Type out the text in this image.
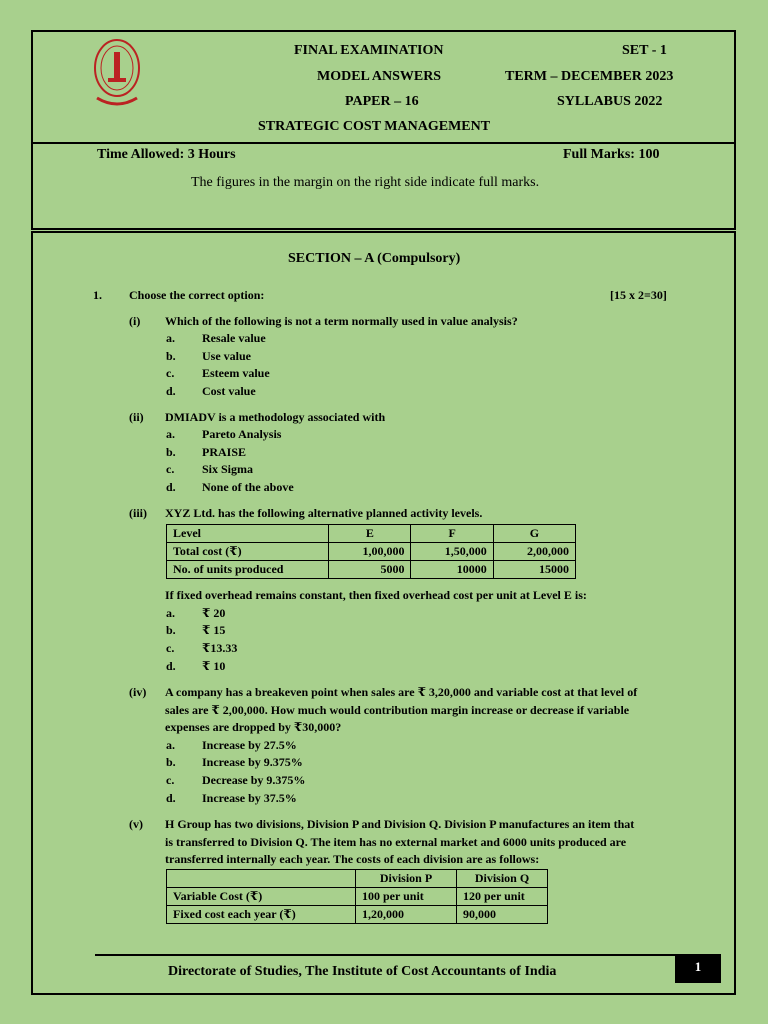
FINAL EXAMINATION
MODEL ANSWERS
PAPER – 16
STRATEGIC COST MANAGEMENT
SET - 1
TERM – DECEMBER 2023
SYLLABUS 2022
Time Allowed: 3 Hours	Full Marks: 100
The figures in the margin on the right side indicate full marks.
SECTION – A (Compulsory)
1. Choose the correct option:	[15 x 2=30]
(i) Which of the following is not a term normally used in value analysis?
a. Resale value
b. Use value
c. Esteem value
d. Cost value
(ii) DMIADV is a methodology associated with
a. Pareto Analysis
b. PRAISE
c. Six Sigma
d. None of the above
(iii) XYZ Ltd. has the following alternative planned activity levels.
Level	E	F	G
Total cost (₹)	1,00,000	1,50,000	2,00,000
No. of units produced	5000	10000	15000
If fixed overhead remains constant, then fixed overhead cost per unit at Level E is:
a. ₹ 20
b. ₹ 15
c. ₹13.33
d. ₹ 10
(iv) A company has a breakeven point when sales are ₹ 3,20,000 and variable cost at that level of
sales are ₹ 2,00,000. How much would contribution margin increase or decrease if variable
expenses are dropped by ₹30,000?
a. Increase by 27.5%
b. Increase by 9.375%
c. Decrease by 9.375%
d. Increase by 37.5%
(v) H Group has two divisions, Division P and Division Q. Division P manufactures an item that
is transferred to Division Q. The item has no external market and 6000 units produced are
transferred internally each year. The costs of each division are as follows:
	Division P	Division Q
Variable Cost (₹)	100 per unit	120 per unit
Fixed cost each year (₹)	1,20,000	90,000
Directorate of Studies, The Institute of Cost Accountants of India	1
